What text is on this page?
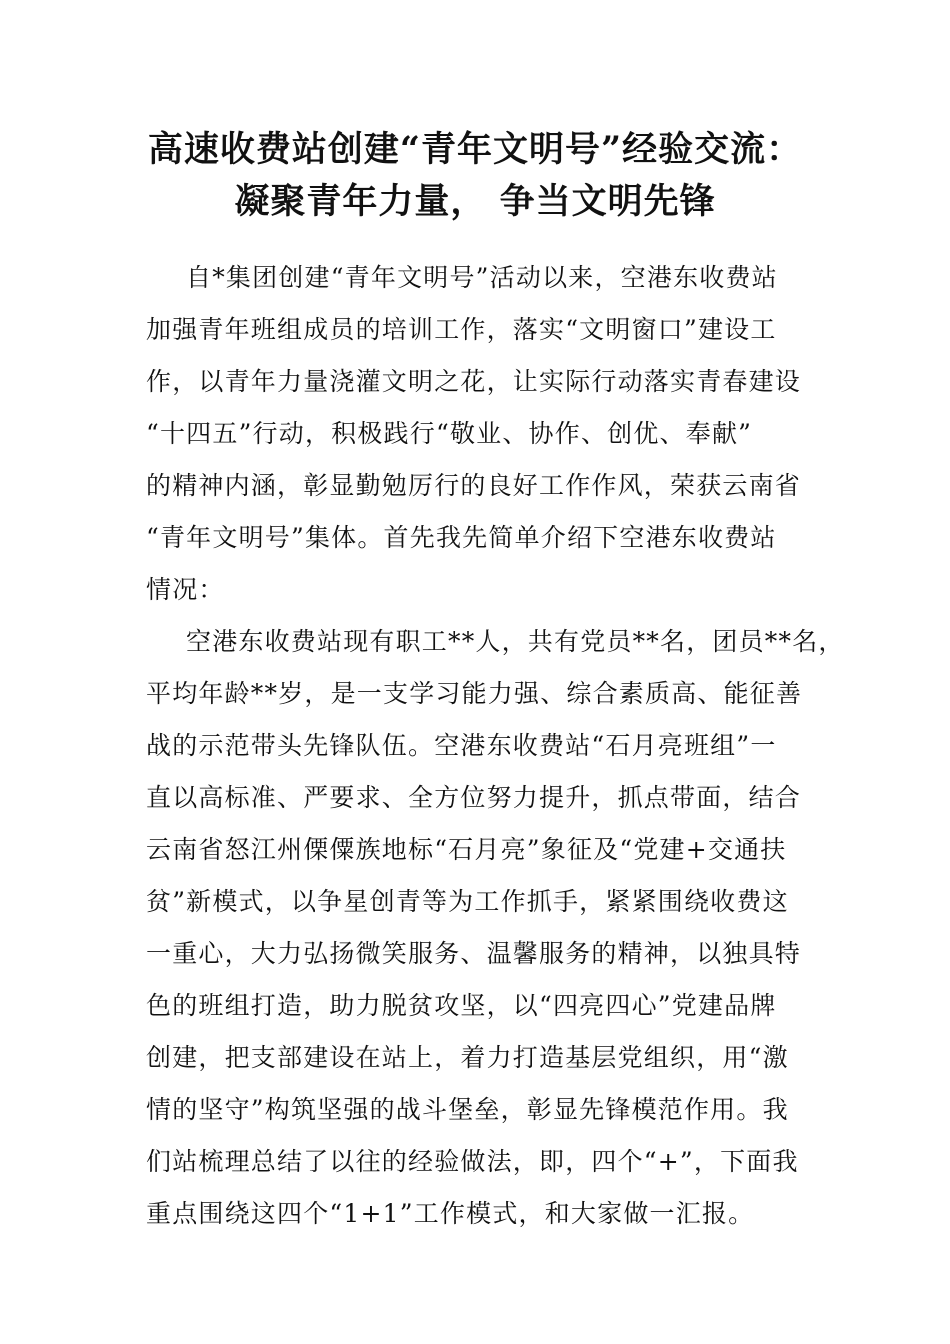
高速收费站创建“青年文明号”经验交流：
凝聚青年力量， 争当文明先锋
自*集团创建“青年文明号”活动以来，空港东收费站
加强青年班组成员的培训工作，落实“文明窗口”建设工
作，以青年力量浇灌文明之花，让实际行动落实青春建设
“十四五”行动，积极践行“敬业、协作、创优、奉献”
的精神内涵，彰显勤勉厉行的良好工作作风，荣获云南省
“青年文明号”集体。首先我先简单介绍下空港东收费站
情况：
空港东收费站现有职工**人，共有党员**名，团员**名，
平均年龄**岁，是一支学习能力强、综合素质高、能征善
战的示范带头先锋队伍。空港东收费站“石月亮班组”一
直以高标准、严要求、全方位努力提升，抓点带面，结合
云南省怒江州傈僳族地标“石月亮”象征及“党建+交通扶
贫”新模式，以争星创青等为工作抓手，紧紧围绕收费这
一重心，大力弘扬微笑服务、温馨服务的精神，以独具特
色的班组打造，助力脱贫攻坚，以“四亮四心”党建品牌
创建，把支部建设在站上，着力打造基层党组织，用“激
情的坚守”构筑坚强的战斗堡垒，彰显先锋模范作用。我
们站梳理总结了以往的经验做法，即，四个“+”，下面我
重点围绕这四个“1+1”工作模式，和大家做一汇报。
